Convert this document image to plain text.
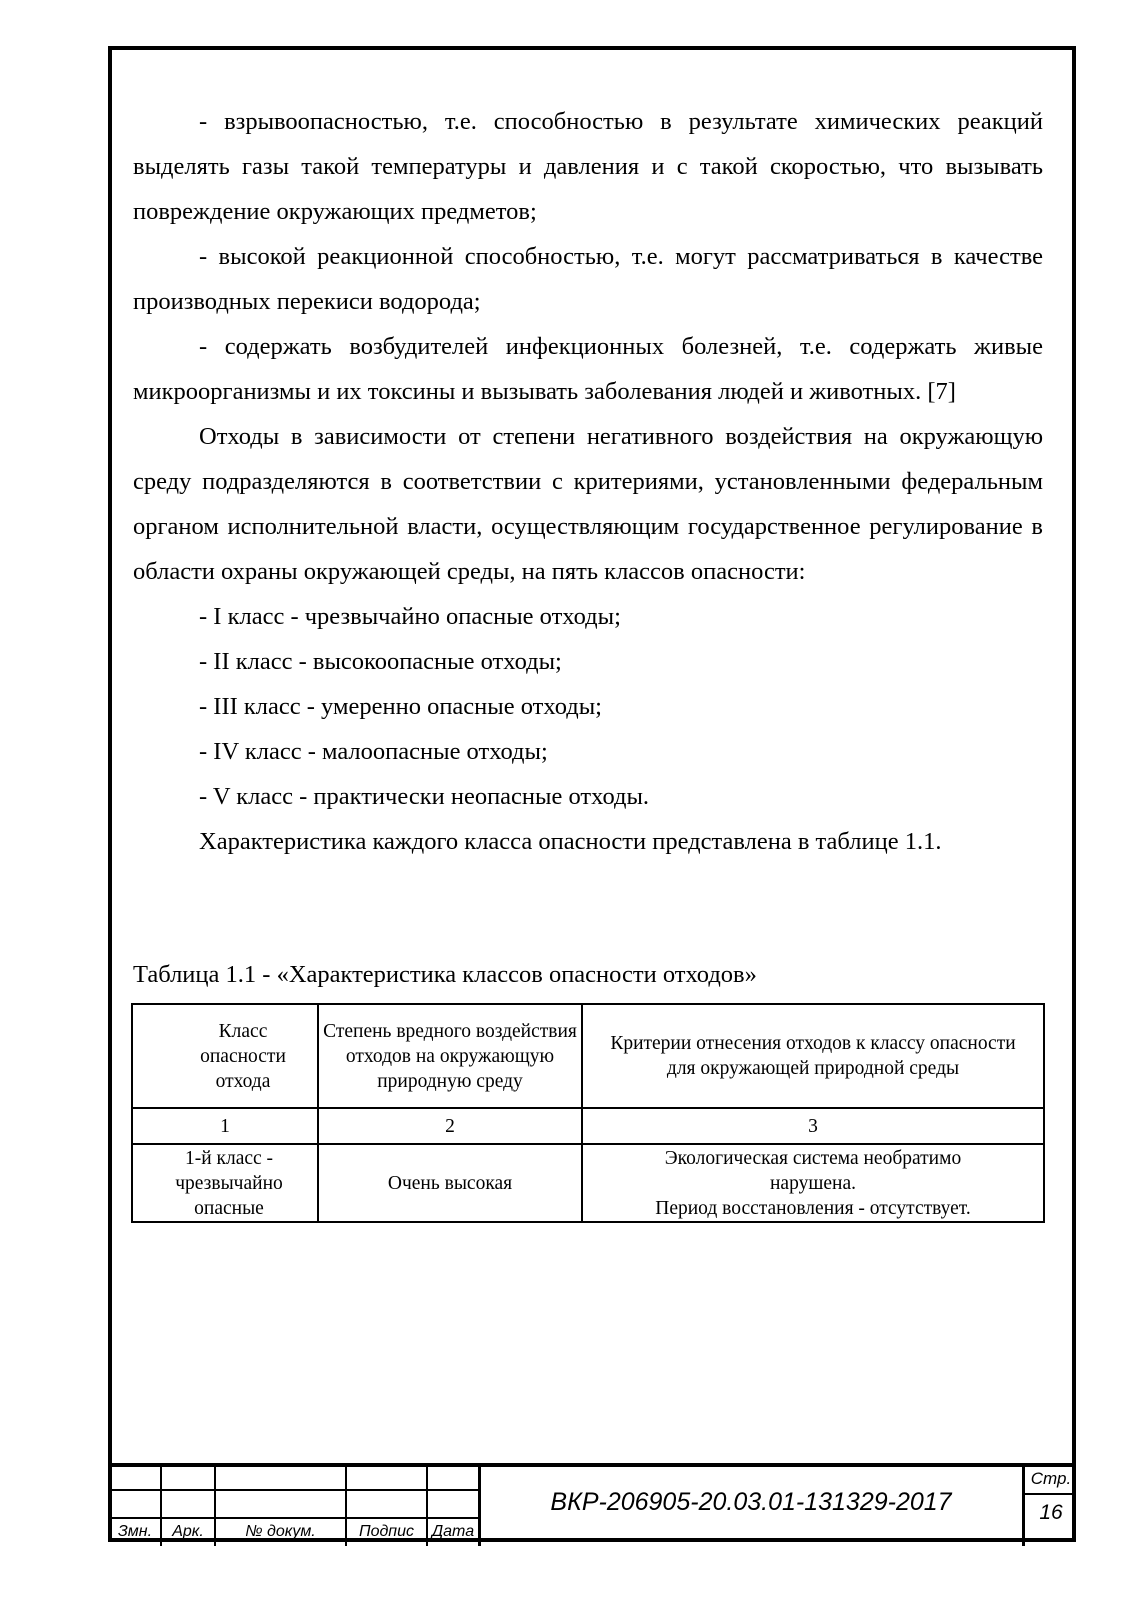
- взрывоопасностью, т.е. способностью в результате химических реакций выделять газы такой температуры и давления и с такой скоростью, что вызывать повреждение окружающих предметов;

- высокой реакционной способностью, т.е. могут рассматриваться в качестве производных перекиси водорода;

- содержать возбудителей инфекционных болезней, т.е. содержать живые микроорганизмы и их токсины и вызывать заболевания людей и животных. [7]

Отходы в зависимости от степени негативного воздействия на окружающую среду подразделяются в соответствии с критериями, установленными федеральным органом исполнительной власти, осуществляющим государственное регулирование в области охраны окружающей среды, на пять классов опасности:

- I класс - чрезвычайно опасные отходы;

- II класс - высокоопасные отходы;

- III класс - умеренно опасные отходы;

- IV класс - малоопасные отходы;

- V класс - практически неопасные отходы.

Характеристика каждого класса опасности представлена в таблице 1.1.

Таблица 1.1 - «Характеристика классов опасности отходов»
Класс опасности отхода	Степень вредного воздействия отходов на окружающую природную среду	Критерии отнесения отходов к классу опасности для окружающей природной среды
1	2	3
1-й класс - чрезвычайно опасные	Очень высокая	Экологическая система необратимо нарушена.
Период восстановления - отсутствует.
Змн.	Арк.	№ докум.	Подпис	Дата
ВКР-206905-20.03.01-131329-2017
Стр.
16
